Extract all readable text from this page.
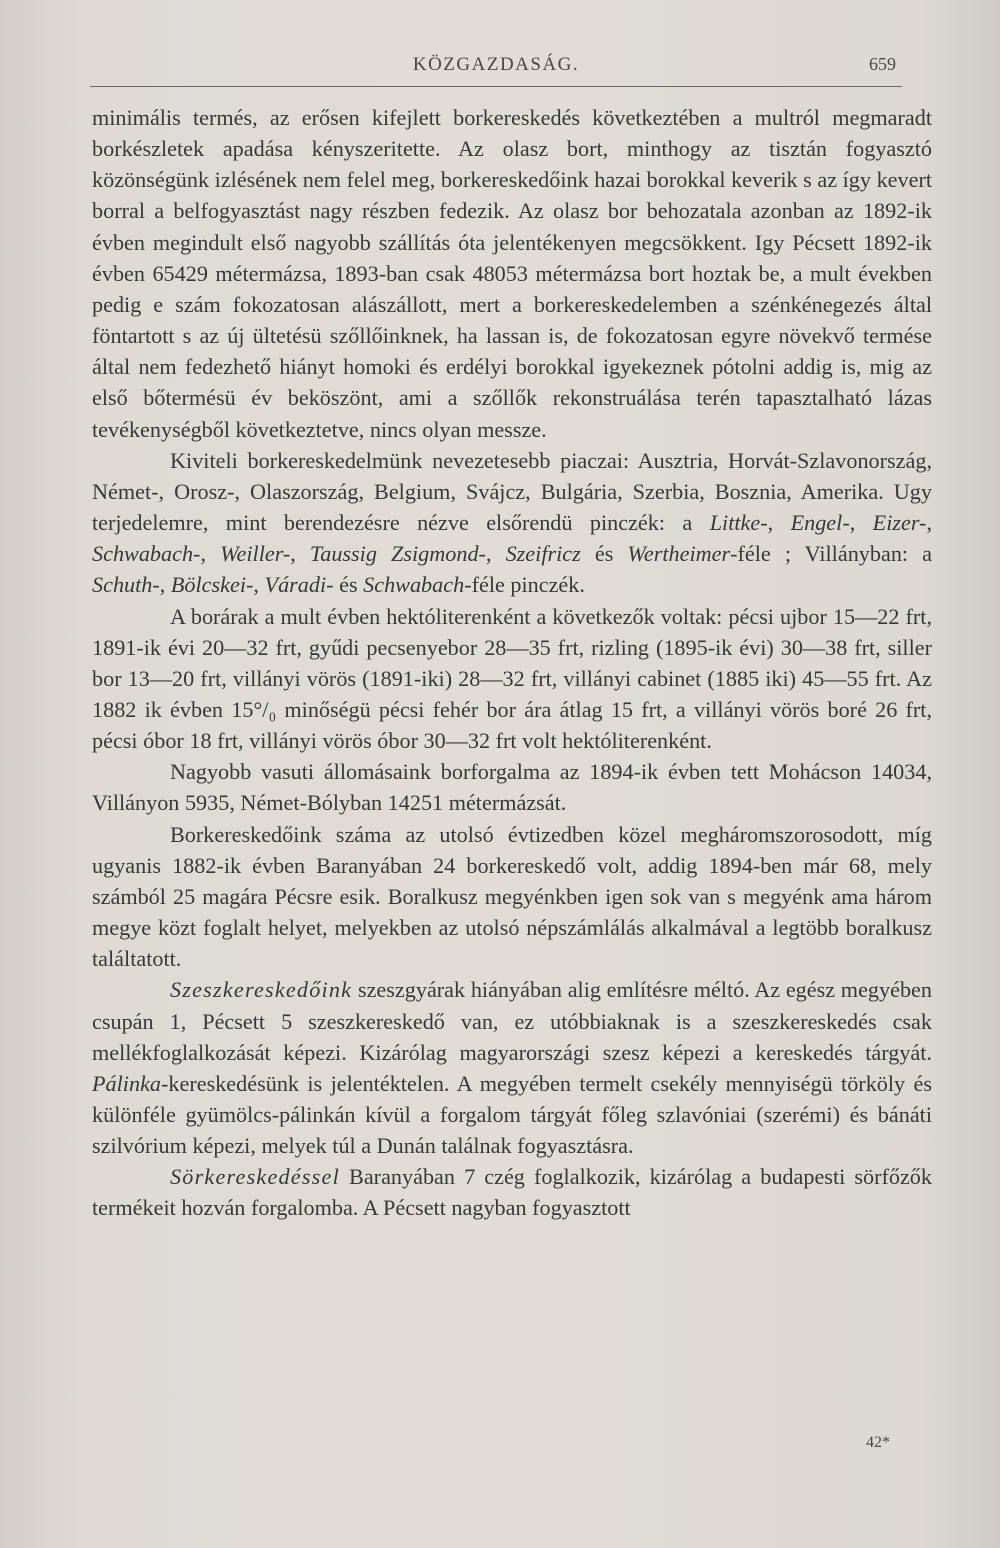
KÖZGAZDASÁG.	659

minimális termés, az erősen kifejlett borkereskedés következtében a multról megmaradt borkészletek apadása kényszeritette. Az olasz bort, minthogy az tisztán fogyasztó közönségünk izlésének nem felel meg, borkereskedőink hazai borokkal keverik s az így kevert borral a belfogyasztást nagy részben fedezik. Az olasz bor behozatala azonban az 1892-ik évben megindult első nagyobb szállítás óta jelentékenyen megcsökkent. Igy Pécsett 1892-ik évben 65429 métermázsa, 1893-ban csak 48053 métermázsa bort hoztak be, a mult években pedig e szám fokozatosan alászállott, mert a borkereskedelemben a szénkénegezés által föntartott s az új ültetésü szőllőinknek, ha lassan is, de fokozatosan egyre növekvő termése által nem fedezhető hiányt homoki és erdélyi borokkal igyekeznek pótolni addig is, mig az első bőtermésü év beköszönt, ami a szőllők rekonstruálása terén tapasztalható lázas tevékenységből következtetve, nincs olyan messze.

Kiviteli borkereskedelmünk nevezetesebb piaczai: Ausztria, Horvát-Szlavonország, Német-, Orosz-, Olaszország, Belgium, Svájcz, Bulgária, Szerbia, Bosznia, Amerika. Ugy terjedelemre, mint berendezésre nézve elsőrendü pinczék: a Littke-, Engel-, Eizer-, Schwabach-, Weiller-, Taussig Zsigmond-, Szeifricz és Wertheimer-féle ; Villányban: a Schuth-, Bölcskei-, Váradi- és Schwabach-féle pinczék.

A borárak a mult évben hektóliterenként a következők voltak: pécsi ujbor 15—22 frt, 1891-ik évi 20—32 frt, gyűdi pecsenyebor 28—35 frt, rizling (1895-ik évi) 30—38 frt, siller bor 13—20 frt, villányi vörös (1891-iki) 28—32 frt, villányi cabinet (1885 iki) 45—55 frt. Az 1882 ik évben 15°/₀ minőségü pécsi fehér bor ára átlag 15 frt, a villányi vörös boré 26 frt, pécsi óbor 18 frt, villányi vörös óbor 30—32 frt volt hektóliterenként.

Nagyobb vasuti állomásaink borforgalma az 1894-ik évben tett Mohácson 14034, Villányon 5935, Német-Bólyban 14251 métermázsát.

Borkereskedőink száma az utolsó évtizedben közel megháromszorosodott, míg ugyanis 1882-ik évben Baranyában 24 borkereskedő volt, addig 1894-ben már 68, mely számból 25 magára Pécsre esik. Boralkusz megyénkben igen sok van s megyénk ama három megye közt foglalt helyet, melyekben az utolsó népszámlálás alkalmával a legtöbb boralkusz találtatott.

Szeszkereskedőink szeszgyárak hiányában alig említésre méltó. Az egész megyében csupán 1, Pécsett 5 szeszkereskedő van, ez utóbbiaknak is a szeszkereskedés csak mellékfoglalkozását képezi. Kizárólag magyarországi szesz képezi a kereskedés tárgyát. Pálinka-kereskedésünk is jelentéktelen. A megyében termelt csekély mennyiségü törköly és különféle gyümölcs-pálinkán kívül a forgalom tárgyát főleg szlavóniai (szerémi) és bánáti szilvórium képezi, melyek túl a Dunán találnak fogyasztásra.

Sörkereskedéssel Baranyában 7 czég foglalkozik, kizárólag a budapesti sörfőzők termékeit hozván forgalomba. A Pécsett nagyban fogyasztott

42*
